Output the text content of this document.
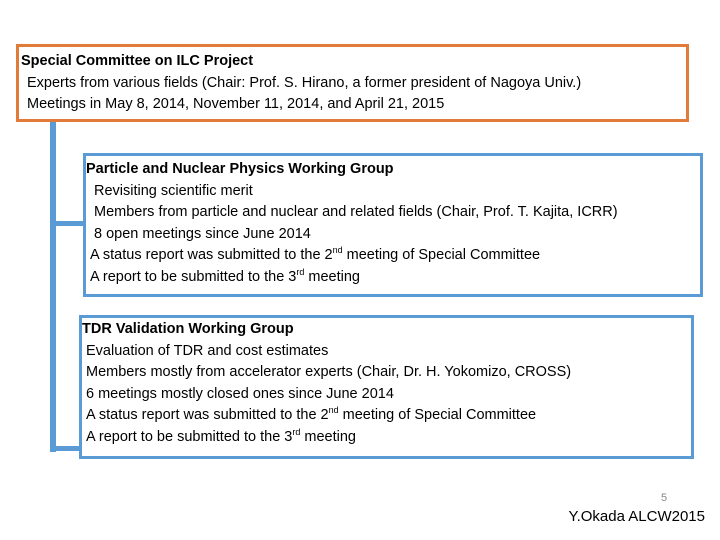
Special Committee on ILC Project
Experts from various fields (Chair: Prof. S. Hirano, a former president of Nagoya Univ.)
Meetings in May 8, 2014, November 11, 2014, and April 21, 2015
Particle and Nuclear Physics Working Group
Revisiting scientific merit
Members from particle and nuclear and related fields (Chair, Prof. T. Kajita, ICRR)
8 open meetings since June 2014
A status report was submitted to the 2nd meeting of Special Committee
A report to be submitted to the 3rd meeting
TDR Validation Working Group
Evaluation of TDR and cost estimates
Members mostly from accelerator experts (Chair, Dr. H. Yokomizo, CROSS)
6 meetings mostly closed ones since June 2014
A status report was submitted to the 2nd meeting of Special Committee
A report to be submitted to the 3rd meeting
5
Y.Okada ALCW2015
